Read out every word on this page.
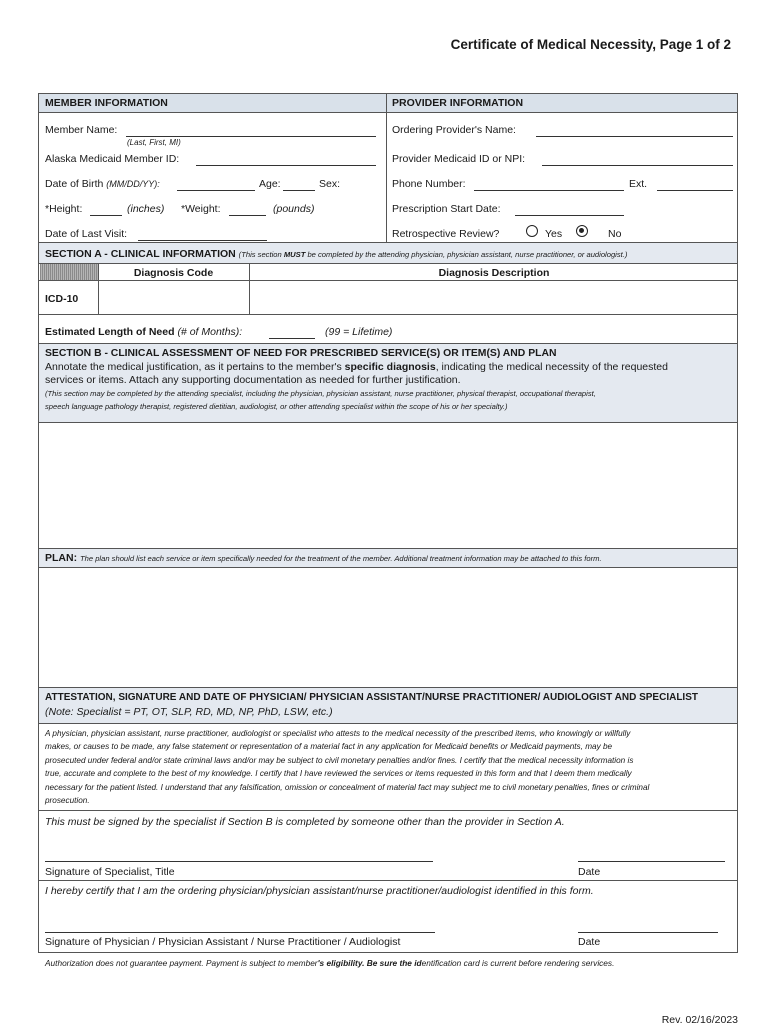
Certificate of Medical Necessity, Page 1 of 2
MEMBER INFORMATION	PROVIDER INFORMATION
Member Name:
(Last, First, MI)
Alaska Medicaid Member ID:
Date of Birth (MM/DD/YY):	Age:	Sex:
*Height:	(inches) *Weight:	(pounds)
Date of Last Visit:
Ordering Provider's Name:
Provider Medicaid ID or NPI:
Phone Number:	Ext.
Prescription Start Date:
Retrospective Review?	Yes	No
SECTION A - CLINICAL INFORMATION (This section MUST be completed by the attending physician, physician assistant, nurse practitioner, or audiologist.)
Diagnosis Code	Diagnosis Description
ICD-10
Estimated Length of Need (# of Months):	(99 = Lifetime)
SECTION B - CLINICAL ASSESSMENT OF NEED FOR PRESCRIBED SERVICE(S) OR ITEM(S) AND PLAN
Annotate the medical justification, as it pertains to the member's specific diagnosis, indicating the medical necessity of the requested
services or items. Attach any supporting documentation as needed for further justification.
(This section may be completed by the attending specialist, including the physician, physician assistant, nurse practitioner, physical therapist, occupational therapist,
speech language pathology therapist, registered dietitian, audiologist, or other attending specialist within the scope of his or her specialty.)
PLAN: The plan should list each service or item specifically needed for the treatment of the member. Additional treatment information may be attached to this form.
ATTESTATION, SIGNATURE AND DATE OF PHYSICIAN/ PHYSICIAN ASSISTANT/NURSE PRACTITIONER/ AUDIOLOGIST AND SPECIALIST
(Note: Specialist = PT, OT, SLP, RD, MD, NP, PhD, LSW, etc.)
A physician, physician assistant, nurse practitioner, audiologist or specialist who attests to the medical necessity of the prescribed items, who knowingly or willfully
makes, or causes to be made, any false statement or representation of a material fact in any application for Medicaid benefits or Medicaid payments, may be
prosecuted under federal and/or state criminal laws and/or may be subject to civil monetary penalties and/or fines. I certify that the medical necessity information is
true, accurate and complete to the best of my knowledge. I certify that I have reviewed the services or items requested in this form and that I deem them medically
necessary for the patient listed. I understand that any falsification, omission or concealment of material fact may subject me to civil monetary penalties, fines or criminal
prosecution.
This must be signed by the specialist if Section B is completed by someone other than the provider in Section A.
Signature of Specialist, Title	Date
I hereby certify that I am the ordering physician/physician assistant/nurse practitioner/audiologist identified in this form.
Signature of Physician / Physician Assistant / Nurse Practitioner / Audiologist	Date
Authorization does not guarantee payment. Payment is subject to member's eligibility. Be sure the identification card is current before rendering services.
Rev. 02/16/2023
